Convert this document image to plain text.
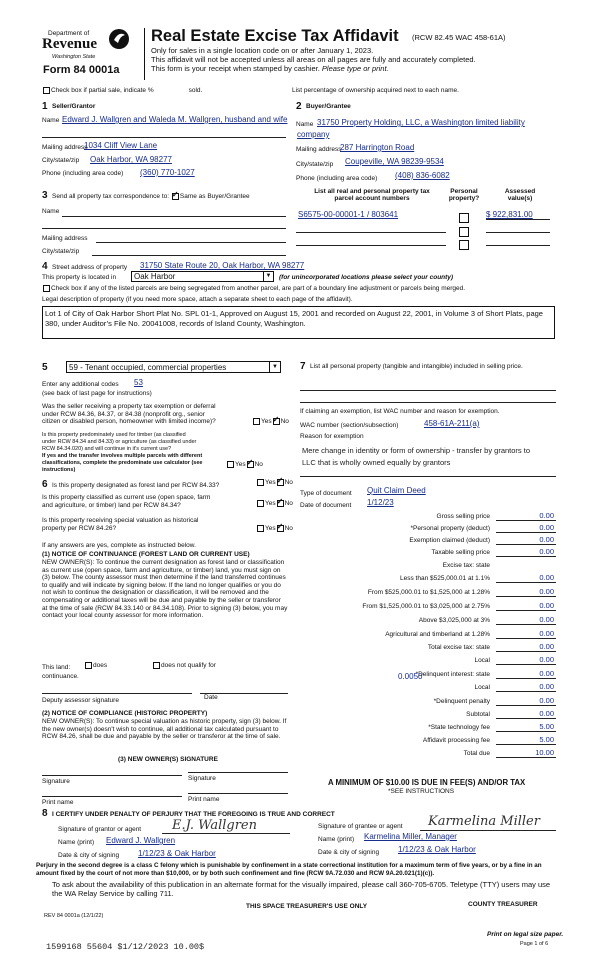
Department of
Revenue
Washington State
Form 84 0001a
Real Estate Excise Tax Affidavit (RCW 82.45 WAC 458-61A)
Only for sales in a single location code on or after January 1, 2023.
This affidavit will not be accepted unless all areas on all pages are fully and accurately completed.
This form is your receipt when stamped by cashier. Please type or print.
Check box if partial sale, indicate %	sold.	List percentage of ownership acquired next to each name.
1 Seller/Grantor
Name Edward J. Wallgren and Waleda M. Wallgren, husband and wife
Mailing address
1034 Cliff View Lane
City/state/zip Oak Harbor, WA 98277
Phone (including area code) (360) 770-1027
2 Buyer/Grantee
Name 31750 Property Holding, LLC, a Washington limited liability
company
Mailing address
287 Harrington Road
City/state/zip Coupeville, WA 98239-9534
Phone (including area code) (408) 836-6082
3 Send all property tax correspondence to: ✓ Same as Buyer/Grantee
Name
Mailing address
City/state/zip
List all real and personal property tax
parcel account numbers
Personal
property?
Assessed
value(s)
S6575-00-00001-1 / 803641	$ 922,831.00
4 Street address of property 31750 State Route 20, Oak Harbor, WA 98277
This property is located in	Oak Harbor	▼ (for unincorporated locations please select your county)
Check box if any of the listed parcels are being segregated from another parcel, are part of a boundary line adjustment or parcels being merged.
Legal description of property (if you need more space, attach a separate sheet to each page of the affidavit).
Lot 1 of City of Oak Harbor Short Plat No. SPL 01-1, Approved on August 15, 2001 and recorded on August 22, 2001, in Volume 3 of Short Plats, page 380, under Auditor’s File No. 20041008, records of Island County, Washington.
5	59 - Tenant occupied, commercial properties	▼
Enter any additional codes 53
(see back of last page for instructions)
Was the seller receiving a property tax exemption or deferral
under RCW 84.36, 84.37, or 84.38 (nonprofit org., senior
citizen or disabled person, homeowner with limited income)?	Yes ✓ No
Is this property predominately used for timber (as classified
under RCW 84.34 and 84.33) or agriculture (as classified under
RCW 84.34.020) and will continue in it's current use?
If yes and the transfer involves multiple parcels with different classifications, complete the predominate use calculator (see instructions)
Yes ✓ No
6 Is this property designated as forest land per RCW 84.33?	Yes ✓ No
Is this property classified as current use (open space, farm
and agriculture, or timber) land per RCW 84.34?	Yes ✓ No
Is this property receiving special valuation as historical
property per RCW 84.26?	Yes ✓ No
If any answers are yes, complete as instructed below.
(1) NOTICE OF CONTINUANCE (FOREST LAND OR CURRENT USE)
NEW OWNER(S): To continue the current designation as forest land or classification as current use (open space, farm and agriculture, or timber) land, you must sign on (3) below. The county assessor must then determine if the land transferred continues to qualify and will indicate by signing below. If the land no longer qualifies or you do not wish to continue the designation or classification, it will be removed and the compensating or additional taxes will be due and payable by the seller or transferor at the time of sale (RCW 84.33.140 or 84.34.108). Prior to signing (3) below, you may contact your local county assessor for more information.
This land:	does	does not qualify for
continuance.
Deputy assessor signature	Date
(2) NOTICE OF COMPLIANCE (HISTORIC PROPERTY)
NEW OWNER(S): To continue special valuation as historic property, sign (3) below. If the new owner(s) doesn't wish to continue, all additional tax calculated pursuant to RCW 84.26, shall be due and payable by the seller or transferor at the time of sale.
(3) NEW OWNER(S) SIGNATURE
Signature	Signature
Print name	Print name
7 List all personal property (tangible and intangible) included in selling price.
If claiming an exemption, list WAC number and reason for exemption.
WAC number (section/subsection)	458-61A-211(a)
Reason for exemption
Mere change in identity or form of ownership - transfer by grantors to
LLC that is wholly owned equally by grantors
Type of document Quit Claim Deed
Date of document 1/12/23
Gross selling price	0.00
*Personal property (deduct)	0.00
Exemption claimed (deduct)	0.00
Taxable selling price	0.00
Excise tax: state
Less than $525,000.01 at 1.1%	0.00
From $525,000.01 to $1,525,000 at 1.28%	0.00
From $1,525,000.01 to $3,025,000 at 2.75%	0.00
Above $3,025,000 at 3%	0.00
Agricultural and timberland at 1.28%	0.00
Total excise tax: state	0.00
Local	0.00
*Delinquent interest: state	0.00
Local	0.00
*Delinquent penalty	0.00
Subtotal	0.00
*State technology fee	5.00
Affidavit processing fee	5.00
Total due	10.00
0.0050
A MINIMUM OF $10.00 IS DUE IN FEE(S) AND/OR TAX
*SEE INSTRUCTIONS
8 I CERTIFY UNDER PENALTY OF PERJURY THAT THE FOREGOING IS TRUE AND CORRECT
Signature of grantor or agent E.J. Wallgren
Name (print) Edward J. Wallgren
Date & city of signing 1/12/23 & Oak Harbor
Signature of grantee or agent Karmelina Miller
Name (print) Karmelina Miller, Manager
Date & city of signing 1/12/23 & Oak Harbor
Perjury in the second degree is a class C felony which is punishable by confinement in a state correctional institution for a maximum term of five years, or by a fine in an amount fixed by the court of not more than $10,000, or by both such confinement and fine (RCW 9A.72.030 and RCW 9A.20.021(1)(c)).
To ask about the availability of this publication in an alternate format for the visually impaired, please call 360-705-6705. Teletype (TTY) users may use the WA Relay Service by calling 711.
THIS SPACE TREASURER'S USE ONLY	COUNTY TREASURER
REV 84 0001a (12/1/22)
1599168 55604 $1/12/2023 10.00$
Print on legal size paper.
Page 1 of 6
